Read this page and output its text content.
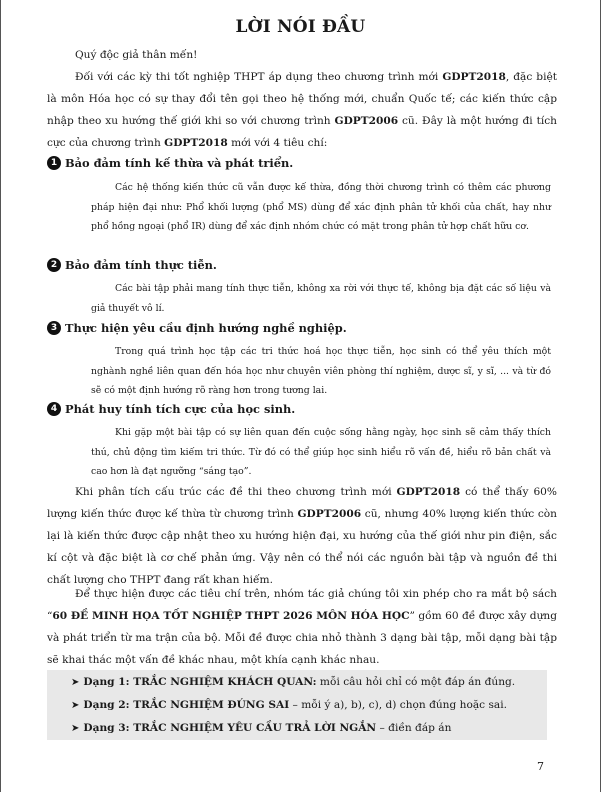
LỜI NÓI ĐẦU
Quý độc giả thân mến!

Đối với các kỳ thi tốt nghiệp THPT áp dụng theo chương trình mới GDPT2018, đặc biệt là môn Hóa học có sự thay đổi tên gọi theo hệ thống mới, chuẩn Quốc tế; các kiến thức cập nhập theo xu hướng thế giới khi so với chương trình GDPT2006 cũ. Đây là một hướng đi tích cực của chương trình GDPT2018 mới với 4 tiêu chí:

1 Bảo đảm tính kế thừa và phát triển.

Các hệ thống kiến thức cũ vẫn được kế thừa, đồng thời chương trình có thêm các phương pháp hiện đại như: Phổ khối lượng (phổ MS) dùng để xác định phân tử khối của chất, hay như phổ hồng ngoại (phổ IR) dùng để xác định nhóm chức có mặt trong phân tử hợp chất hữu cơ.

2 Bảo đảm tính thực tiễn.

Các bài tập phải mang tính thực tiễn, không xa rời với thực tế, không bịa đặt các số liệu và giả thuyết vô lí.

3 Thực hiện yêu cầu định hướng nghề nghiệp.

Trong quá trình học tập các tri thức hoá học thực tiễn, học sinh có thể yêu thích một nghành nghề liên quan đến hóa học như chuyên viên phòng thí nghiệm, dược sĩ, y sĩ, ... và từ đó sẽ có một định hướng rõ ràng hơn trong tương lai.

4 Phát huy tính tích cực của học sinh.

Khi gặp một bài tập có sự liên quan đến cuộc sống hằng ngày, học sinh sẽ cảm thấy thích thú, chủ động tìm kiếm tri thức. Từ đó có thể giúp học sinh hiểu rõ vấn đề, hiểu rõ bản chất và cao hơn là đạt ngưỡng “sáng tạo”.

Khi phân tích cấu trúc các đề thi theo chương trình mới GDPT2018 có thể thấy 60% lượng kiến thức được kế thừa từ chương trình GDPT2006 cũ, nhưng 40% lượng kiến thức còn lại là kiến thức được cập nhật theo xu hướng hiện đại, xu hướng của thế giới như pin điện, sắc kí cột và đặc biệt là cơ chế phản ứng. Vậy nên có thể nói các nguồn bài tập và nguồn đề thi chất lượng cho THPT đang rất khan hiếm.

Để thực hiện được các tiêu chí trên, nhóm tác giả chúng tôi xin phép cho ra mắt bộ sách “60 ĐỀ MINH HỌA TỐT NGHIỆP THPT 2026 MÔN HÓA HỌC” gồm 60 đề được xây dựng và phát triển từ ma trận của bộ. Mỗi đề được chia nhỏ thành 3 dạng bài tập, mỗi dạng bài tập sẽ khai thác một vấn đề khác nhau, một khía cạnh khác nhau.

➤ Dạng 1: TRẮC NGHIỆM KHÁCH QUAN: mỗi câu hỏi chỉ có một đáp án đúng.
➤ Dạng 2: TRẮC NGHIỆM ĐÚNG SAI – mỗi ý a), b), c), d) chọn đúng hoặc sai.
➤ Dạng 3: TRẮC NGHIỆM YÊU CẦU TRẢ LỜI NGẮN – điền đáp án
7
